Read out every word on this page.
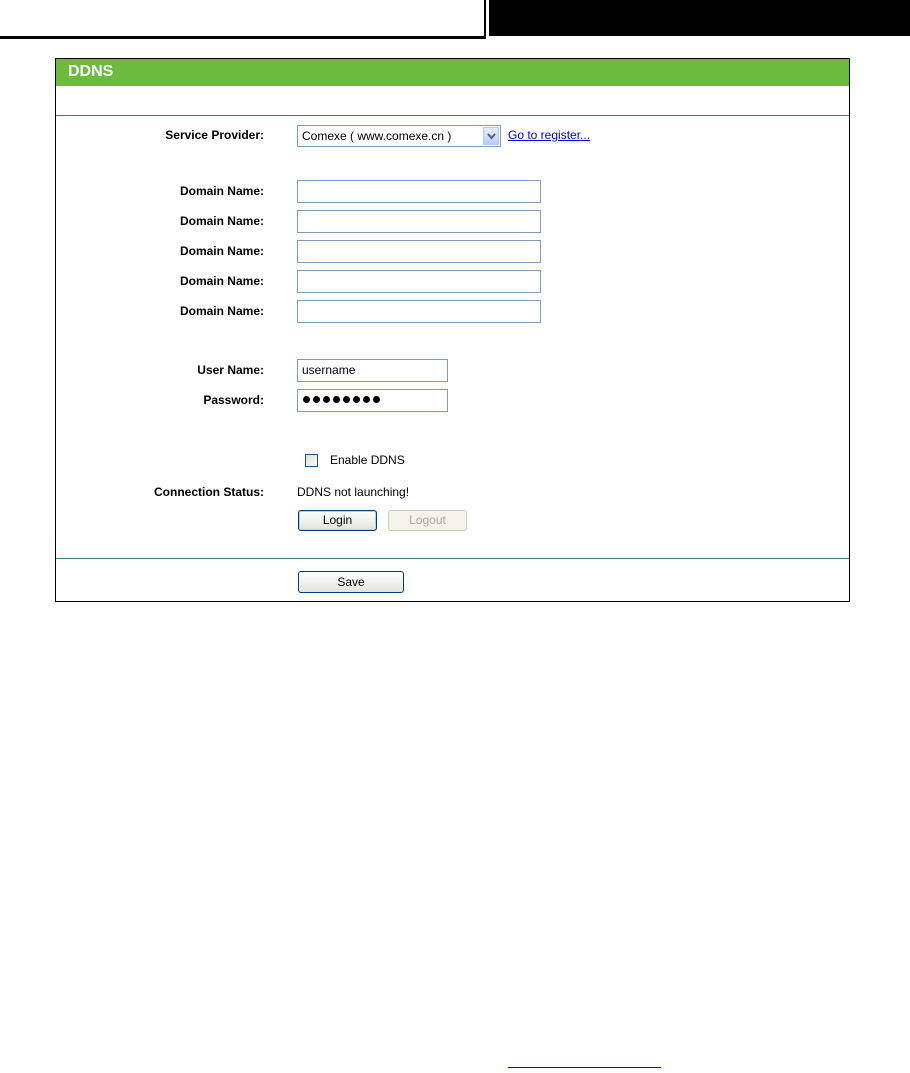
DDNS
Service Provider:	Comexe ( www.comexe.cn )	Go to register...
Domain Name:
Domain Name:
Domain Name:
Domain Name:
Domain Name:
User Name:	username
Password:
Enable DDNS
Connection Status:	DDNS not launching!
Login	Logout
Save
